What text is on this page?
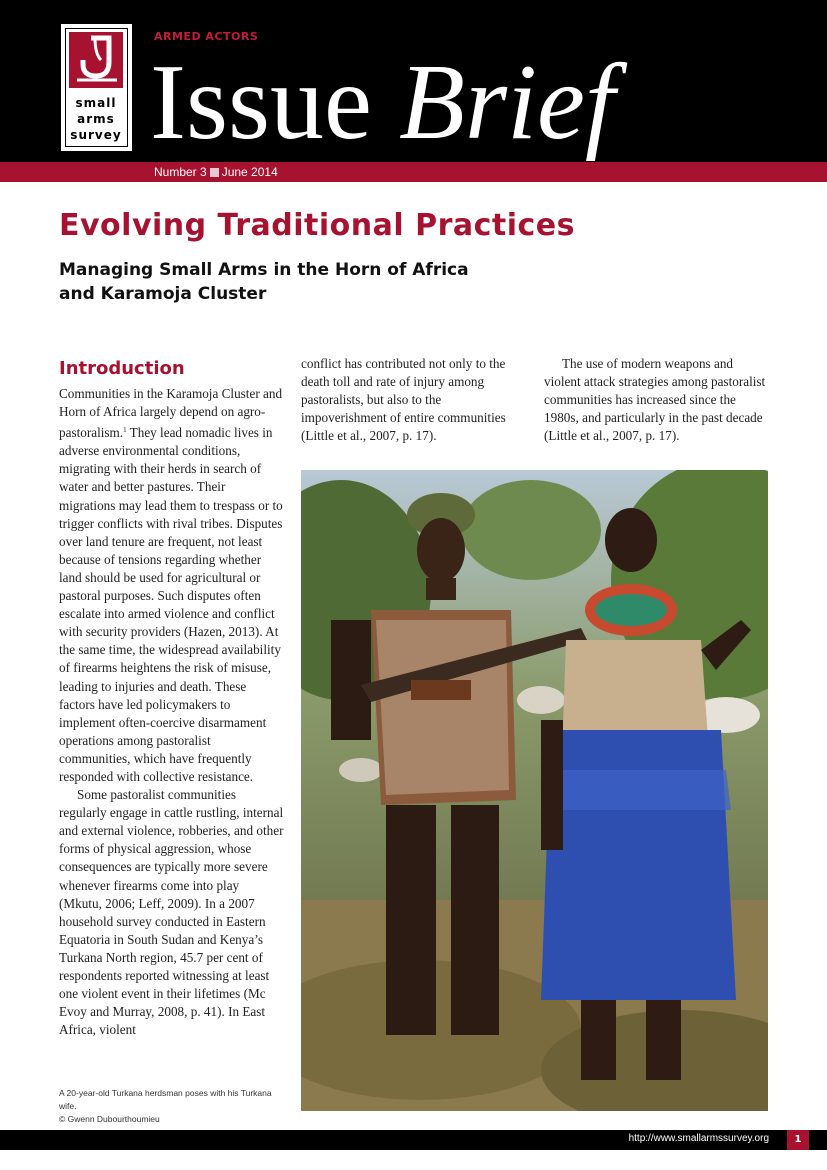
small
arms
survey
ARMED ACTORS
Issue Brief
Number 3 June 2014
Evolving Traditional Practices
Managing Small Arms in the Horn of Africa
and Karamoja Cluster
Introduction

Communities in the Karamoja Cluster and Horn of Africa largely depend on agro-pastoralism.$^1$ They lead nomadic lives in adverse environmental conditions, migrating with their herds in search of water and better pastures. Their migrations may lead them to trespass or to trigger conflicts with rival tribes. Disputes over land tenure are frequent, not least because of tensions regarding whether land should be used for agricultural or pastoral purposes. Such disputes often escalate into armed violence and conflict with security providers (Hazen, 2013). At the same time, the widespread availability of firearms heightens the risk of misuse, leading to injuries and death. These factors have led policymakers to implement often-coercive disarmament operations among pastoralist communities, which have frequently responded with collective resistance.

Some pastoralist communities regularly engage in cattle rustling, internal and external violence, robberies, and other forms of physical aggression, whose consequences are typically more severe whenever firearms come into play (Mkutu, 2006; Leff, 2009). In a 2007 household survey conducted in Eastern Equatoria in South Sudan and Kenya’s Turkana North region, 45.7 per cent of respondents reported witnessing at least one violent event in their lifetimes (Mc Evoy and Murray, 2008, p. 41). In East Africa, violent

conflict has contributed not only to the death toll and rate of injury among pastoralists, but also to the impoverishment of entire communities (Little et al., 2007, p. 17).

The use of modern weapons and violent attack strategies among pastoralist communities has increased since the 1980s, and particularly in the past decade (Little et al., 2007, p. 17).

A 20-year-old Turkana herdsman poses with his Turkana wife.
© Gwenn Dubourthoumieu
http://www.smallarmssurvey.org	1
